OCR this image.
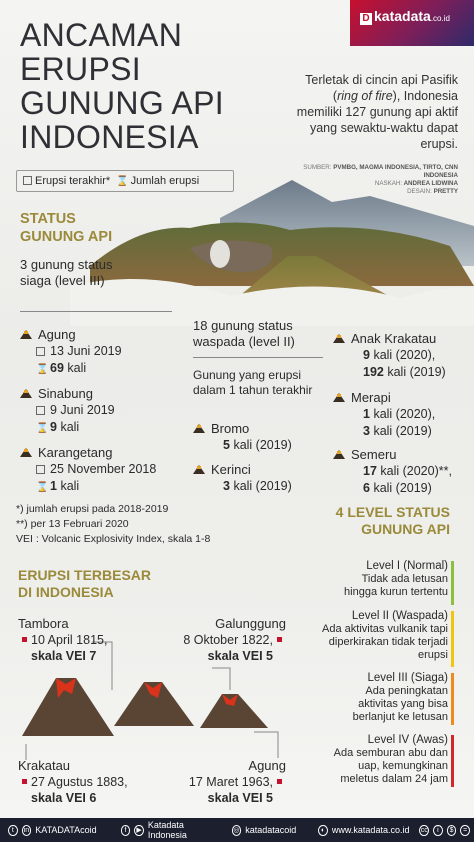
ANCAMAN
ERUPSI
GUNUNG API
INDONESIA
D katadata.co.id
Terletak di cincin api Pasifik (ring of fire), Indonesia memiliki 127 gunung api aktif yang sewaktu-waktu dapat erupsi.
SUMBER: PVMBG, MAGMA INDONESIA, TIRTO, CNN INDONESIA
NASKAH: ANDREA LIDWINA
DESAIN: PRETTY
Erupsi terakhir* ⌛ Jumlah erupsi
STATUS
GUNUNG API
3 gunung status siaga (level III)
Agung
13 Juni 2019
⌛ 69 kali
Sinabung
9 Juni 2019
⌛ 9 kali
Karangetang
25 November 2018
⌛ 1 kali
18 gunung status
waspada (level II)
Gunung yang erupsi dalam 1 tahun terakhir
Bromo
5 kali (2019)
Kerinci
3 kali (2019)
Anak Krakatau
9 kali (2020),
192 kali (2019)
Merapi
1 kali (2020),
3 kali (2019)
Semeru
17 kali (2020)**,
6 kali (2019)
*) jumlah erupsi pada 2018-2019
**) per 13 Februari 2020
VEI : Volcanic Explosivity Index, skala 1-8
4 LEVEL STATUS
GUNUNG API
Level I (Normal)
Tidak ada letusan hingga kurun tertentu
Level II (Waspada)
Ada aktivitas vulkanik tapi diperkirakan tidak terjadi erupsi
Level III (Siaga)
Ada peningkatan aktivitas yang bisa berlanjut ke letusan
Level IV (Awas)
Ada semburan abu dan uap, kemungkinan meletus dalam 24 jam
ERUPSI TERBESAR
DI INDONESIA
Tambora
10 April 1815,
skala VEI 7
Galunggung
8 Oktober 1822,
skala VEI 5
Krakatau
27 Agustus 1883,
skala VEI 6
Agung
17 Maret 1963,
skala VEI 5
t	in KATADATAcoid	f	▶ Katadata Indonesia	◎ katadatacoid	◐ www.katadata.co.id cc	i	$	=
